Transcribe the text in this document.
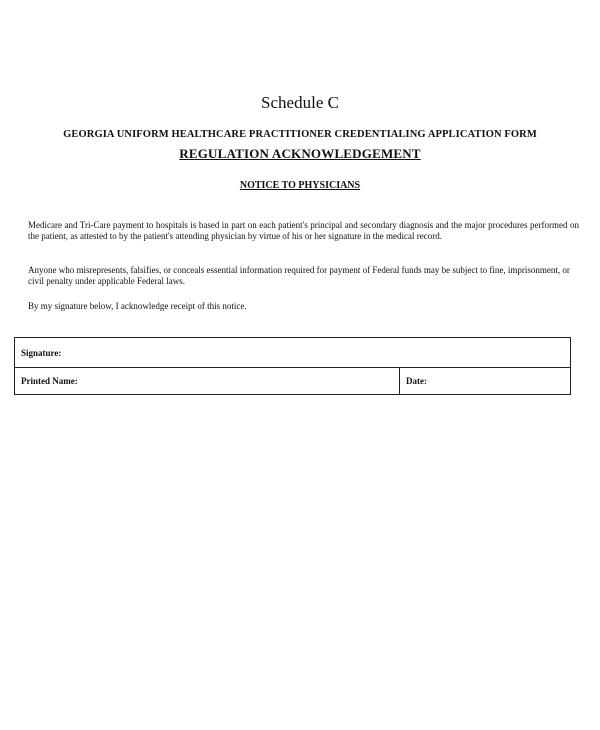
Schedule C
GEORGIA UNIFORM HEALTHCARE PRACTITIONER CREDENTIALING APPLICATION FORM
REGULATION ACKNOWLEDGEMENT
NOTICE TO PHYSICIANS
Medicare and Tri-Care payment to hospitals is based in part on each patient's principal and secondary diagnosis and the major procedures performed on the patient, as attested to by the patient's attending physician by virtue of his or her signature in the medical record.
Anyone who misrepresents, falsifies, or conceals essential information required for payment of Federal funds may be subject to fine, imprisonment, or civil penalty under applicable Federal laws.
By my signature below, I acknowledge receipt of this notice.
Signature:
Printed Name:	Date:
